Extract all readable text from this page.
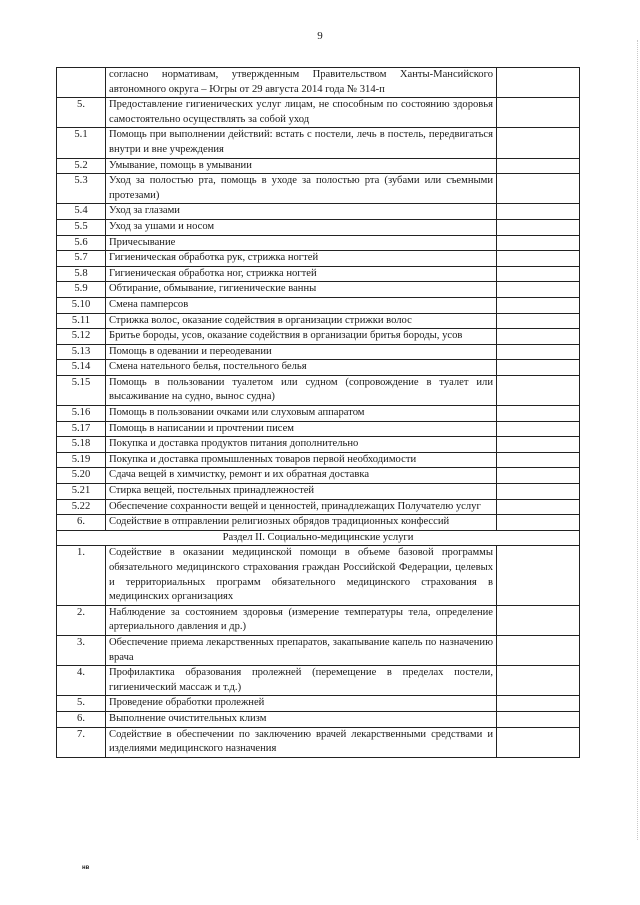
9
	согласно нормативам, утвержденным Правительством Ханты-Мансийского автономного округа – Югры от 29 августа 2014 года № 314-п	
5.	Предоставление гигиенических услуг лицам, не способным по состоянию здоровья самостоятельно осуществлять за собой уход	
5.1	Помощь при выполнении действий: встать с постели, лечь в постель, передвигаться внутри и вне учреждения	
5.2	Умывание, помощь в умывании	
5.3	Уход за полостью рта, помощь в уходе за полостью рта (зубами или съемными протезами)	
5.4	Уход за глазами	
5.5	Уход за ушами и носом	
5.6	Причесывание	
5.7	Гигиеническая обработка рук, стрижка ногтей	
5.8	Гигиеническая обработка ног, стрижка ногтей	
5.9	Обтирание, обмывание, гигиенические ванны	
5.10	Смена памперсов	
5.11	Стрижка волос, оказание содействия в организации стрижки волос	
5.12	Бритье бороды, усов, оказание содействия в организации бритья бороды, усов	
5.13	Помощь в одевании и переодевании	
5.14	Смена нательного белья, постельного белья	
5.15	Помощь в пользовании туалетом или судном (сопровождение в туалет или высаживание на судно, вынос судна)	
5.16	Помощь в пользовании очками или слуховым аппаратом	
5.17	Помощь в написании и прочтении писем	
5.18	Покупка и доставка продуктов питания дополнительно	
5.19	Покупка и доставка промышленных товаров первой необходимости	
5.20	Сдача вещей в химчистку, ремонт и их обратная доставка	
5.21	Стирка вещей, постельных принадлежностей	
5.22	Обеспечение сохранности вещей и ценностей, принадлежащих Получателю услуг	
6.	Содействие в отправлении религиозных обрядов традиционных конфессий	
Раздел II. Социально-медицинские услуги		
1.	Содействие в оказании медицинской помощи в объеме базовой программы обязательного медицинского страхования граждан Российской Федерации, целевых и территориальных программ обязательного медицинского страхования в медицинских организациях	
2.	Наблюдение за состоянием здоровья (измерение температуры тела, определение артериального давления и др.)	
3.	Обеспечение приема лекарственных препаратов, закапывание капель по назначению врача	
4.	Профилактика образования пролежней (перемещение в пределах постели, гигиенический массаж и т.д.)	
5.	Проведение обработки пролежней	
6.	Выполнение очистительных клизм	
7.	Содействие в обеспечении по заключению врачей лекарственными средствами и изделиями медицинского назначения	
нв
